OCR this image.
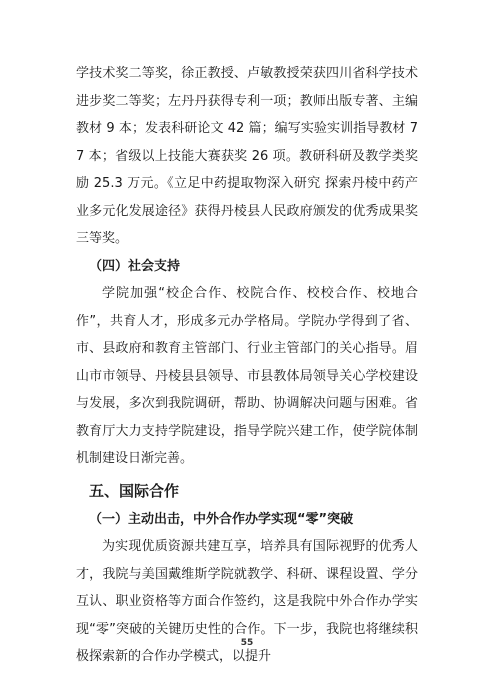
学技术奖二等奖，徐正教授、卢敏教授荣获四川省科学技术进步奖二等奖；左丹丹获得专利一项；教师出版专著、主编教材 9 本；发表科研论文 42 篇；编写实验实训指导教材 77 本；省级以上技能大赛获奖 26 项。教研科研及教学类奖励 25.3 万元。《立足中药提取物深入研究 探索丹棱中药产业多元化发展途径》获得丹棱县人民政府颁发的优秀成果奖三等奖。

（四）社会支持

学院加强“校企合作、校院合作、校校合作、校地合作”，共育人才，形成多元办学格局。学院办学得到了省、市、县政府和教育主管部门、行业主管部门的关心指导。眉山市市领导、丹棱县县领导、市县教体局领导关心学校建设与发展，多次到我院调研，帮助、协调解决问题与困难。省教育厅大力支持学院建设，指导学院兴建工作，使学院体制机制建设日渐完善。

五、国际合作

（一）主动出击，中外合作办学实现“零”突破

为实现优质资源共建互享，培养具有国际视野的优秀人才，我院与美国戴维斯学院就教学、科研、课程设置、学分互认、职业资格等方面合作签约，这是我院中外合作办学实现“零”突破的关键历史性的合作。下一步，我院也将继续积极探索新的合作办学模式，以提升

55
